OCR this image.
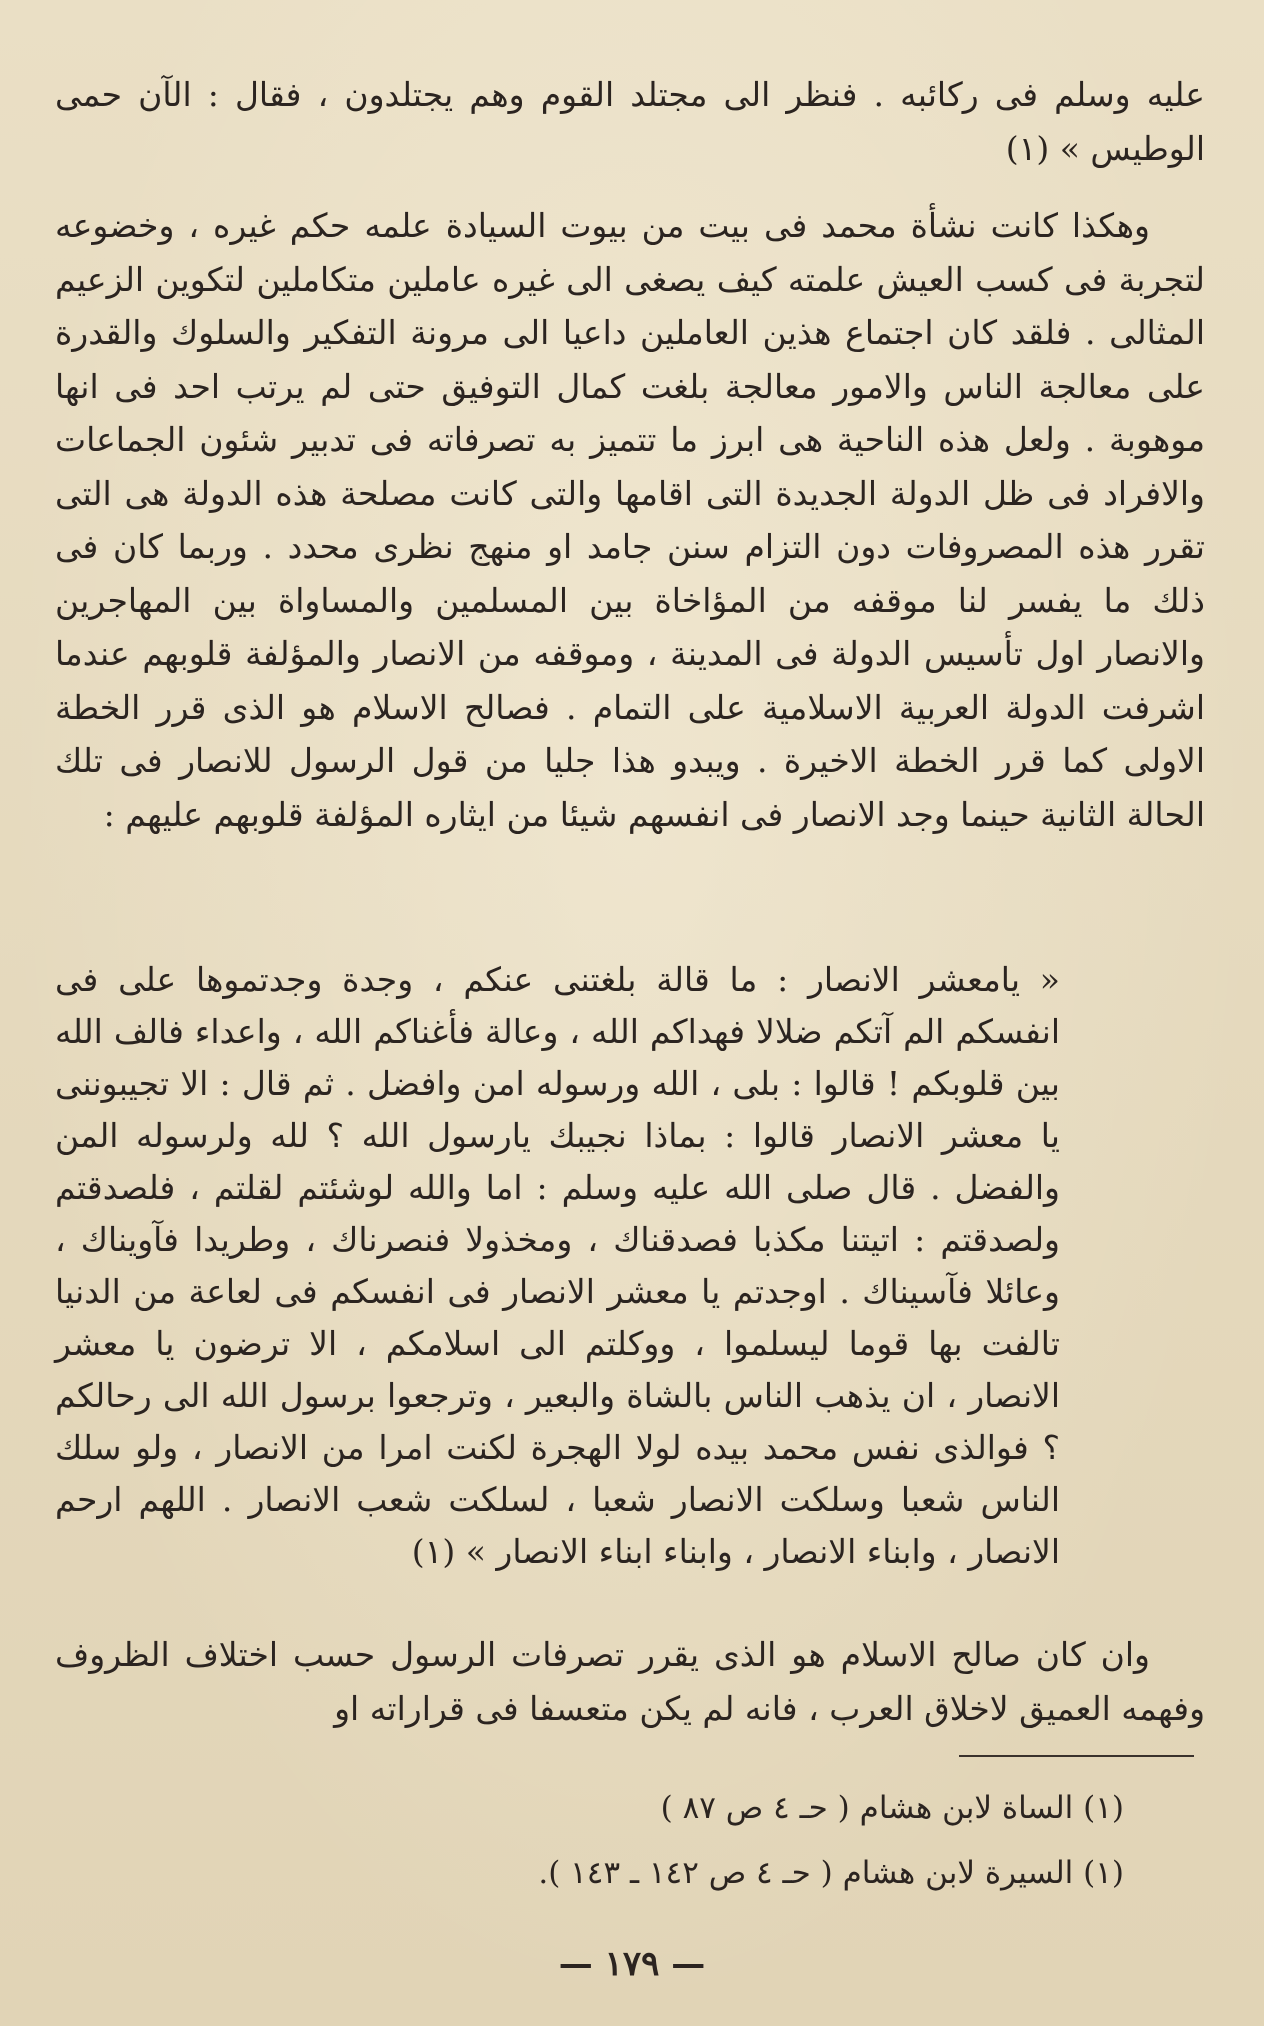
عليه وسلم فى ركائبه . فنظر الى مجتلد القوم وهم يجتلدون ، فقال : الآن حمى الوطيس » (١)

وهكذا كانت نشأة محمد فى بيت من بيوت السيادة علمه حكم غيره ، وخضوعه لتجربة فى كسب العيش علمته كيف يصغى الى غيره عاملين متكاملين لتكوين الزعيم المثالى . فلقد كان اجتماع هذين العاملين داعيا الى مرونة التفكير والسلوك والقدرة على معالجة الناس والامور معالجة بلغت كمال التوفيق حتى لم يرتب احد فى انها موهوبة . ولعل هذه الناحية هى ابرز ما تتميز به تصرفاته فى تدبير شئون الجماعات والافراد فى ظل الدولة الجديدة التى اقامها والتى كانت مصلحة هذه الدولة هى التى تقرر هذه المصروفات دون التزام سنن جامد او منهج نظرى محدد . وربما كان فى ذلك ما يفسر لنا موقفه من المؤاخاة بين المسلمين والمساواة بين المهاجرين والانصار اول تأسيس الدولة فى المدينة ، وموقفه من الانصار والمؤلفة قلوبهم عندما اشرفت الدولة العربية الاسلامية على التمام . فصالح الاسلام هو الذى قرر الخطة الاولى كما قرر الخطة الاخيرة . ويبدو هذا جليا من قول الرسول للانصار فى تلك الحالة الثانية حينما وجد الانصار فى انفسهم شيئا من ايثاره المؤلفة قلوبهم عليهم :

« يامعشر الانصار : ما قالة بلغتنى عنكم ، وجدة وجدتموها على فى انفسكم الم آتكم ضلالا فهداكم الله ، وعالة فأغناكم الله ، واعداء فالف الله بين قلوبكم ! قالوا : بلى ، الله ورسوله امن وافضل . ثم قال : الا تجيبوننى يا معشر الانصار قالوا : بماذا نجيبك يارسول الله ؟ لله ولرسوله المن والفضل . قال صلى الله عليه وسلم : اما والله لوشئتم لقلتم ، فلصدقتم ولصدقتم : اتيتنا مكذبا فصدقناك ، ومخذولا فنصرناك ، وطريدا فآويناك ، وعائلا فآسيناك . اوجدتم يا معشر الانصار فى انفسكم فى لعاعة من الدنيا تالفت بها قوما ليسلموا ، ووكلتم الى اسلامكم ، الا ترضون يا معشر الانصار ، ان يذهب الناس بالشاة والبعير ، وترجعوا برسول الله الى رحالكم ؟ فوالذى نفس محمد بيده لولا الهجرة لكنت امرا من الانصار ، ولو سلك الناس شعبا وسلكت الانصار شعبا ، لسلكت شعب الانصار . اللهم ارحم الانصار ، وابناء الانصار ، وابناء ابناء الانصار » (١)

وان كان صالح الاسلام هو الذى يقرر تصرفات الرسول حسب اختلاف الظروف وفهمه العميق لاخلاق العرب ، فانه لم يكن متعسفا فى قراراته او

(١) الساة لابن هشام ( حـ ٤ ص ٨٧ )
(١) السيرة لابن هشام ( حـ ٤ ص ١٤٢ ـ ١٤٣ ).
— ١٧٩ —
